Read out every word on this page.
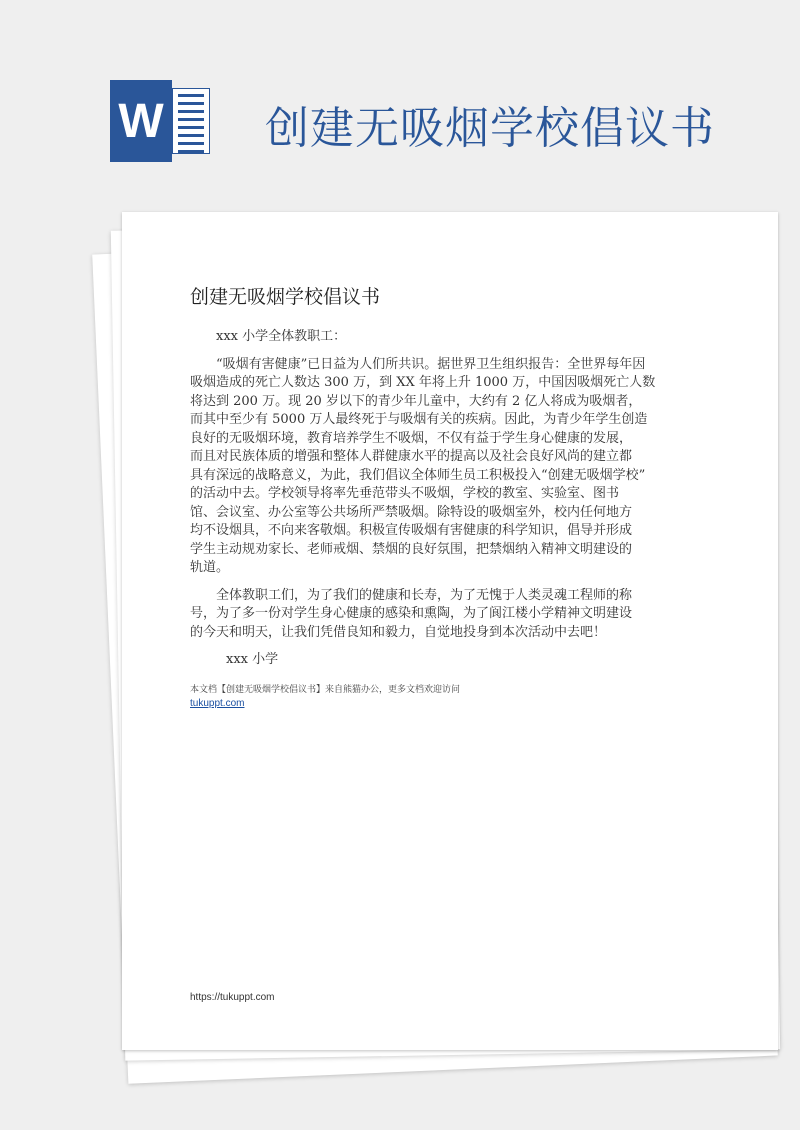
W 创建无吸烟学校倡议书
创建无吸烟学校倡议书
xxx 小学全体教职工：
“吸烟有害健康”已日益为人们所共识。据世界卫生组织报告：全世界每年因
吸烟造成的死亡人数达 300 万，到 XX 年将上升 1000 万，中国因吸烟死亡人数
将达到 200 万。现 20 岁以下的青少年儿童中，大约有 2 亿人将成为吸烟者，
而其中至少有 5000 万人最终死于与吸烟有关的疾病。因此，为青少年学生创造
良好的无吸烟环境，教育培养学生不吸烟，不仅有益于学生身心健康的发展，
而且对民族体质的增强和整体人群健康水平的提高以及社会良好风尚的建立都
具有深远的战略意义，为此，我们倡议全体师生员工积极投入“创建无吸烟学校”
的活动中去。学校领导将率先垂范带头不吸烟，学校的教室、实验室、图书
馆、会议室、办公室等公共场所严禁吸烟。除特设的吸烟室外，校内任何地方
均不设烟具，不向来客敬烟。积极宣传吸烟有害健康的科学知识，倡导并形成
学生主动规劝家长、老师戒烟、禁烟的良好氛围，把禁烟纳入精神文明建设的
轨道。
全体教职工们，为了我们的健康和长寿，为了无愧于人类灵魂工程师的称
号，为了多一份对学生身心健康的感染和熏陶，为了阆江楼小学精神文明建设
的今天和明天，让我们凭借良知和毅力，自觉地投身到本次活动中去吧！
xxx 小学
本文档【创建无吸烟学校倡议书】来自熊猫办公，更多文档欢迎访问
tukuppt.com
https://tukuppt.com
